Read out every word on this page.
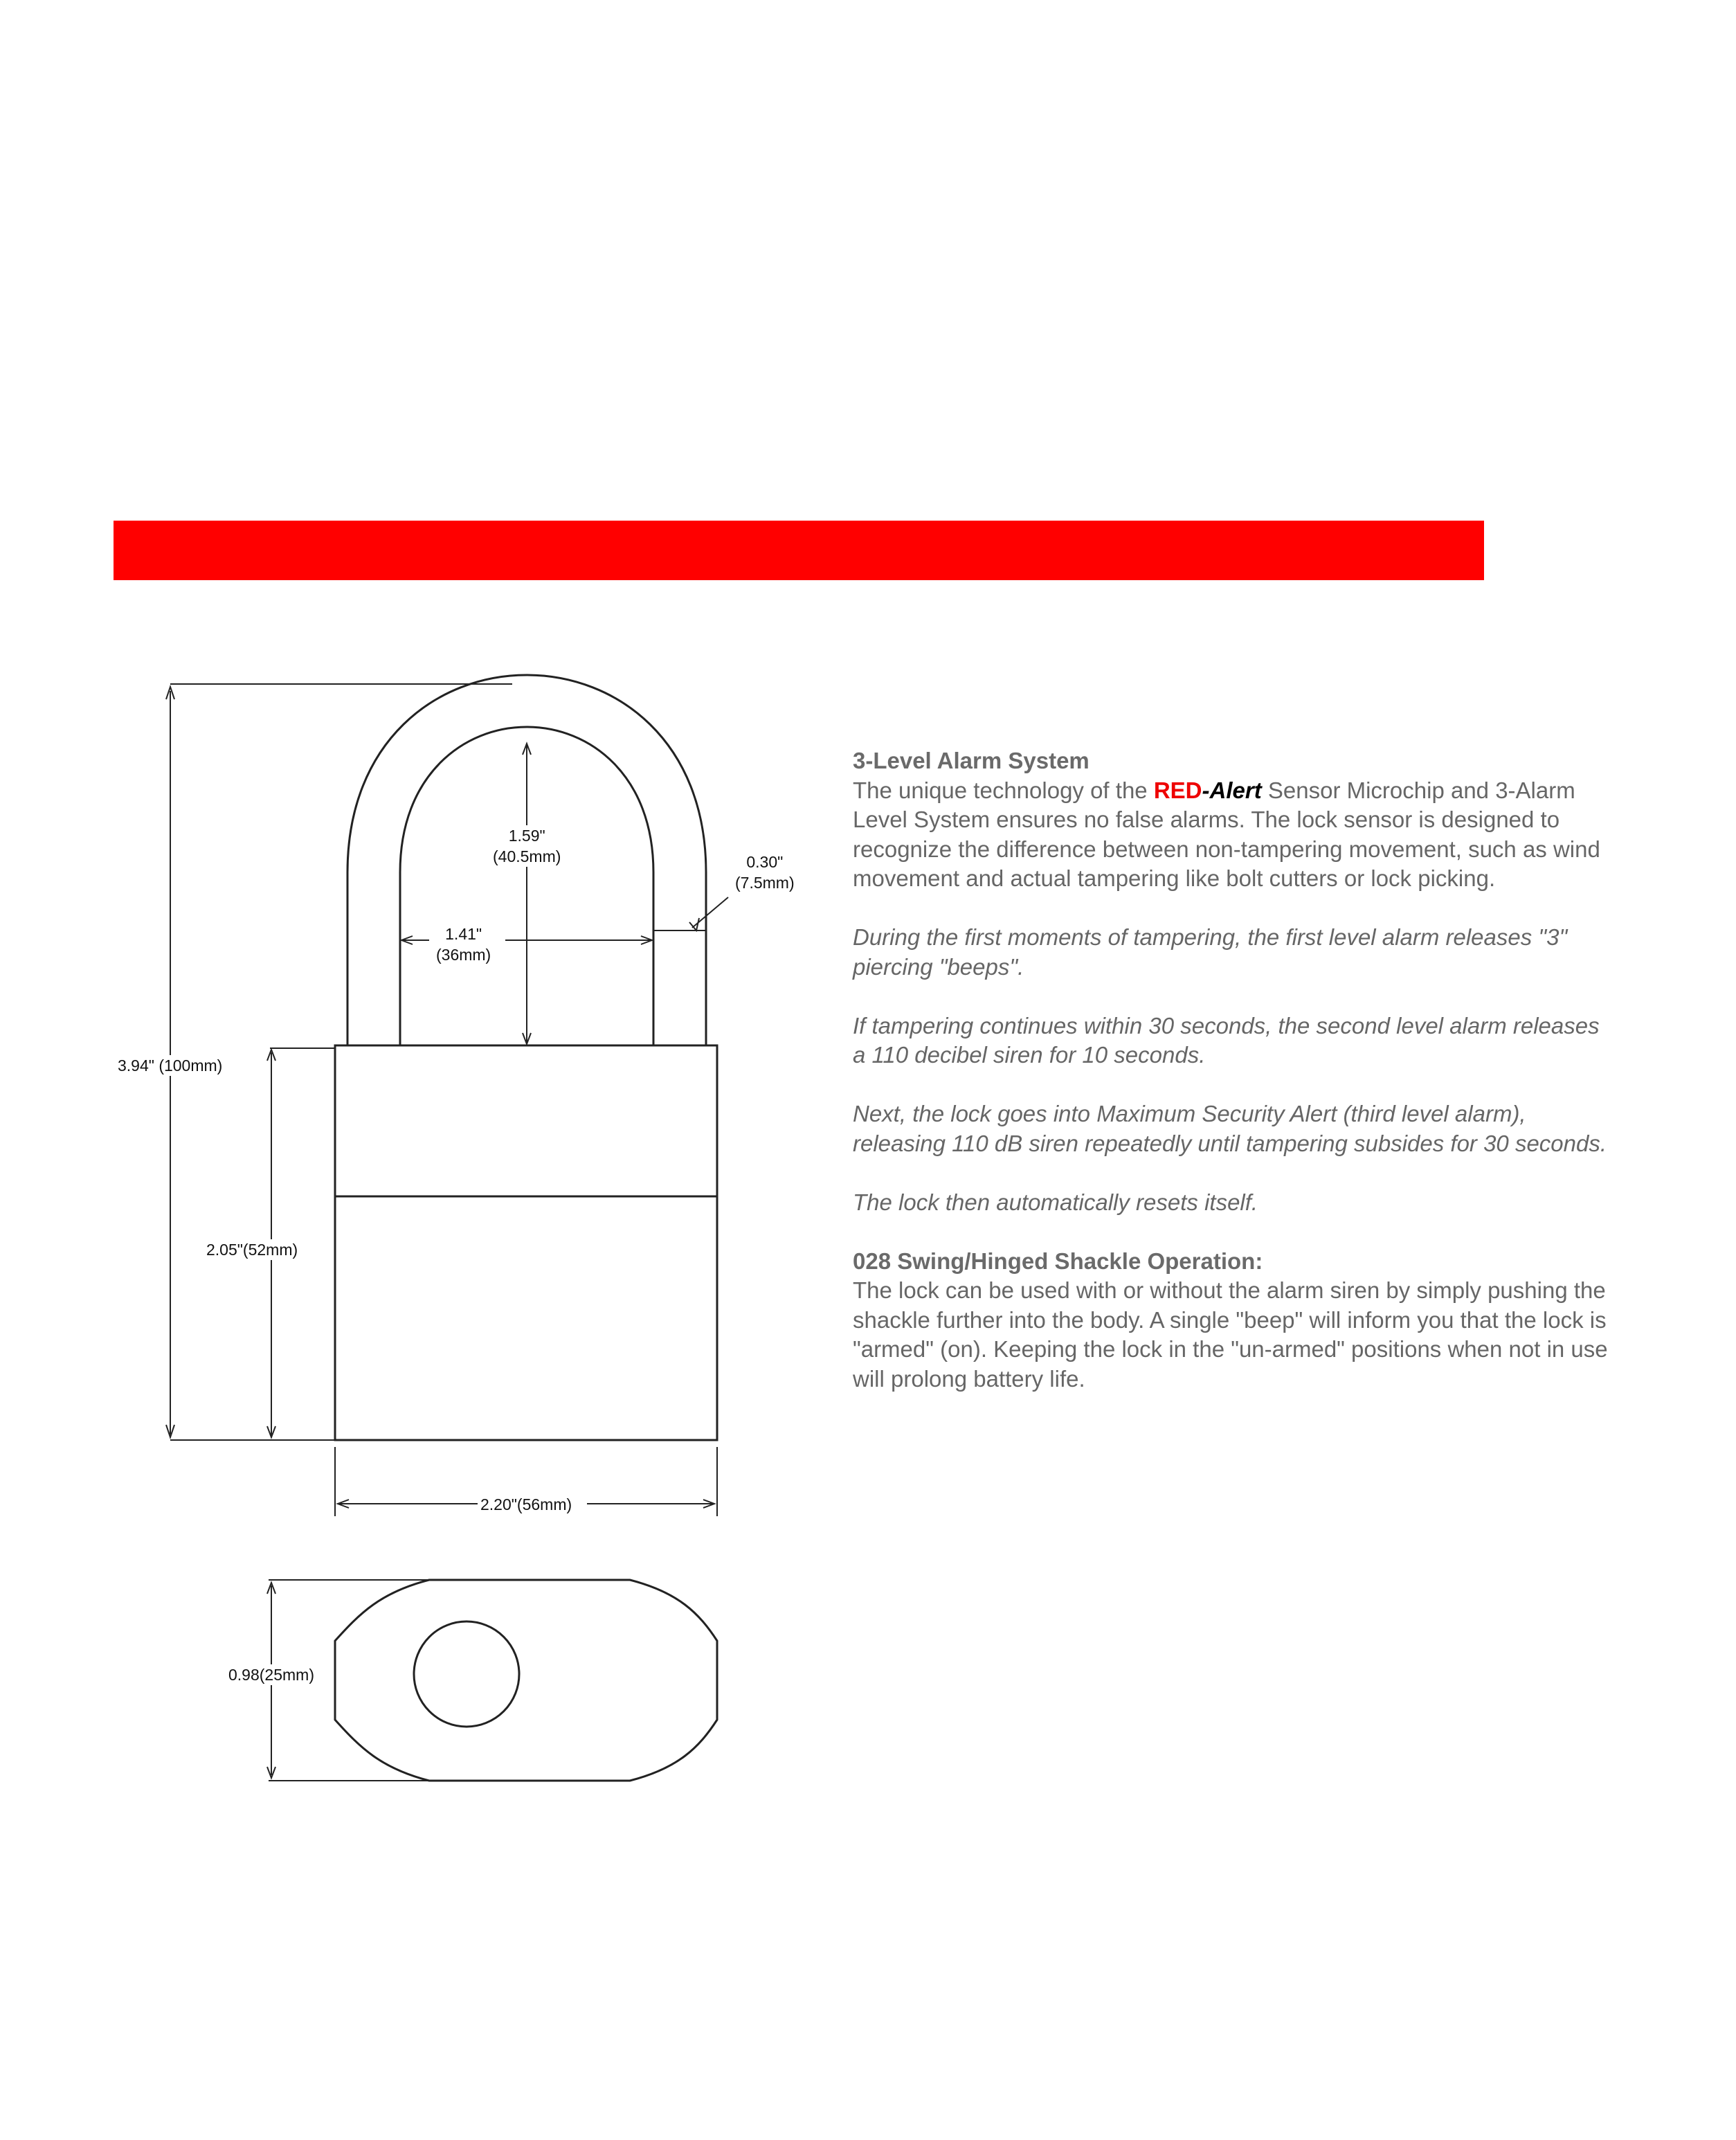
1.59"
(40.5mm)	0.30"
(7.5mm)
1.41"
(36mm)
3.94" (100mm)
2.05"(52mm)
2.20"(56mm)
0.98(25mm)

3-Level Alarm System

The unique technology of the RED-Alert Sensor Microchip and 3-Alarm Level System ensures no false alarms. The lock sensor is designed to recognize the difference between non-tampering movement, such as wind movement and actual tampering like bolt cutters or lock picking.

During the first moments of tampering, the first level alarm releases "3" piercing "beeps".

If tampering continues within 30 seconds, the second level alarm releases a 110 decibel siren for 10 seconds.

Next, the lock goes into Maximum Security Alert (third level alarm), releasing 110 dB siren repeatedly until tampering subsides for 30 seconds.

The lock then automatically resets itself.

028 Swing/Hinged Shackle Operation:

The lock can be used with or without the alarm siren by simply pushing the shackle further into the body. A single "beep" will inform you that the lock is "armed" (on). Keeping the lock in the "un-armed" positions when not in use will prolong battery life.
